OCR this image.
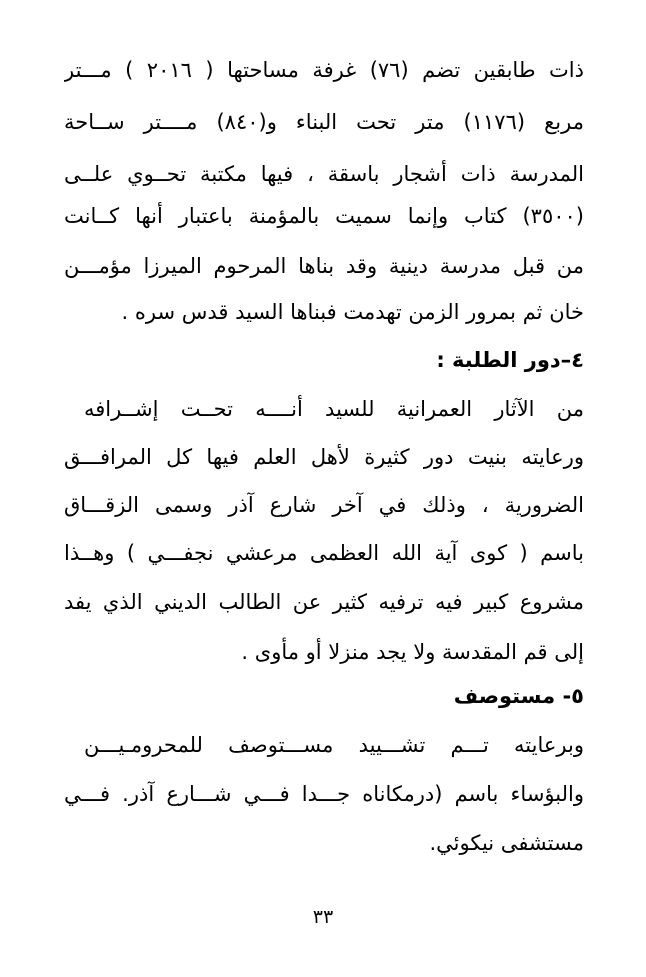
ذات طابقين تضم (٧٦) غرفة مساحتها ( ٢٠١٦ ) مـــتر
مربع (١١٧٦) متر تحت البناء و(٨٤٠) مــــتر ســاحة
المدرسة ذات أشجار باسقة ، فيها مكتبة تحــوي علــى
(٣٥٠٠) كتاب وإنما سميت بالمؤمنة باعتبار أنها كــانت
من قبل مدرسة دينية وقد بناها المرحوم الميرزا مؤمـــن
خان ثم بمرور الزمن تهدمت فبناها السيد قدس سره .
٤–دور الطلبة :
من الآثار العمرانية للسيد أنــــه تحــت إشــرافه
ورعايته بنيت دور كثيرة لأهل العلم فيها كل المرافـــق
الضرورية ، وذلك في آخر شارع آذر وسمى الزقـــاق
باسم ( كوى آية الله العظمى مرعشي نجفـــي ) وهــذا
مشروع كبير فيه ترفيه كثير عن الطالب الديني الذي يفد
إلى قم المقدسة ولا يجد منزلا أو مأوى .
٥- مستوصف
وبرعايته تـــم تشـــييد مســـتوصف للمحرومـيـــن
والبؤساء باسم (درمكاناه جـــدا فـــي شـــارع آذر. فـــي
مستشفى نيكوئي.
٣٣
